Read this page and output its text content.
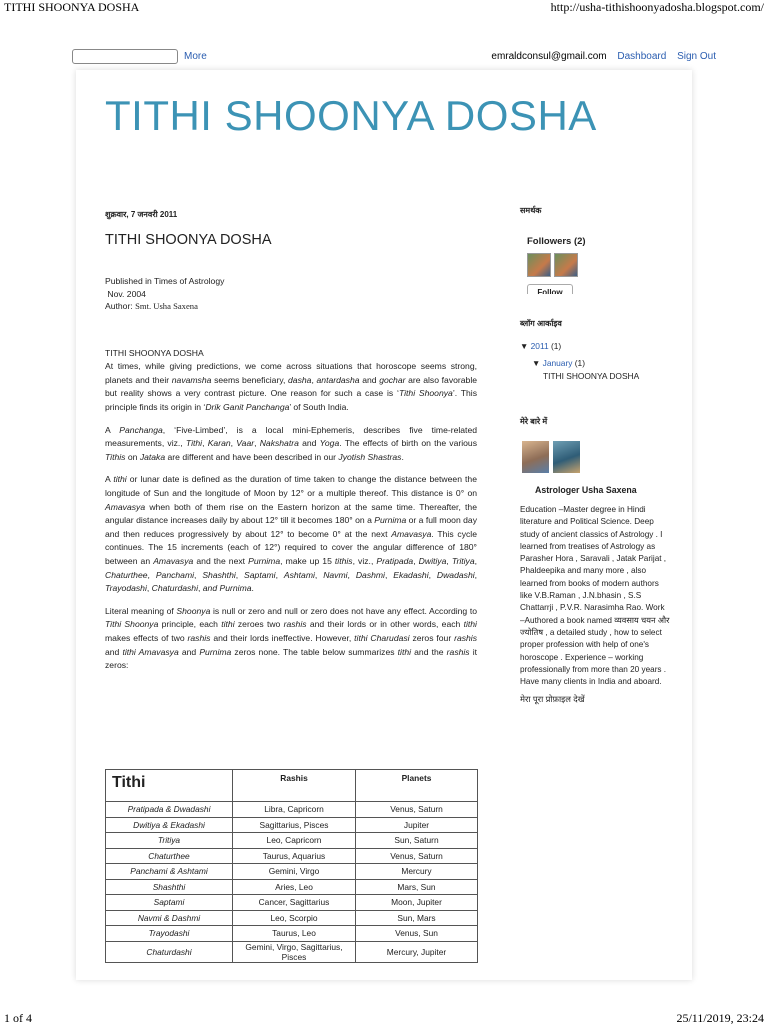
TITHI SHOONYA DOSHA	http://usha-tithishoonyadosha.blogspot.com/
More	emraldconsul@gmail.com Dashboard Sign Out
TITHI SHOONYA DOSHA
शुक्रवार, 7 जनवरी 2011
TITHI SHOONYA DOSHA
Published in Times of Astrology
Nov. 2004
Author: Smt. Usha Saxena
TITHI SHOONYA DOSHA

At times, while giving predictions, we come across situations that horoscope seems strong, planets and their navamsha seems beneficiary, dasha, antardasha and gochar are also favorable but reality shows a very contrast picture. One reason for such a case is ‘Tithi Shoonya’. This principle finds its origin in ‘Drik Ganit Panchanga’ of South India.

A Panchanga, ‘Five-Limbed’, is a local mini-Ephemeris, describes five time-related measurements, viz., Tithi, Karan, Vaar, Nakshatra and Yoga. The effects of birth on the various Tithis on Jataka are different and have been described in our Jyotish Shastras.

A tithi or lunar date is defined as the duration of time taken to change the distance between the longitude of Sun and the longitude of Moon by 12° or a multiple thereof. This distance is 0° on Amavasya when both of them rise on the Eastern horizon at the same time. Thereafter, the angular distance increases daily by about 12° till it becomes 180° on a Purnima or a full moon day and then reduces progressively by about 12° to become 0° at the next Amavasya. This cycle continues. The 15 increments (each of 12°) required to cover the angular difference of 180° between an Amavasya and the next Purnima, make up 15 tithis, viz., Pratipada, Dwitiya, Tritiya, Chaturthee, Panchami, Shashthi, Saptami, Ashtami, Navmi, Dashmi, Ekadashi, Dwadashi, Trayodashi, Chaturdashi, and Purnima.

Literal meaning of Shoonya is null or zero and null or zero does not have any effect. According to Tithi Shoonya principle, each tithi zeroes two rashis and their lords or in other words, each tithi makes effects of two rashis and their lords ineffective. However, tithi Charudasi zeros four rashis and tithi Amavasya and Purnima zeros none. The table below summarizes tithi and the rashis it zeros:

Tithi	Rashis	Planets
Pratipada & Dwadashi	Libra, Capricorn	Venus, Saturn
Dwitiya & Ekadashi	Sagittarius, Pisces	Jupiter
Tritiya	Leo, Capricorn	Sun, Saturn
Chaturthee	Taurus, Aquarius	Venus, Saturn
Panchami & Ashtami	Gemini, Virgo	Mercury
Shashthi	Aries, Leo	Mars, Sun
Saptami	Cancer, Sagittarius	Moon, Jupiter
Navmi & Dashmi	Leo, Scorpio	Sun, Mars
Trayodashi	Taurus, Leo	Venus, Sun
Chaturdashi	Gemini, Virgo, Sagittarius, Pisces	Mercury, Jupiter
समर्थक
Followers (2)
Follow
ब्लॉग आर्काइव
▼ 2011 (1)
▼ January (1)
TITHI SHOONYA DOSHA
मेरे बारे में
Astrologer Usha Saxena
Education –Master degree in Hindi literature and Political Science. Deep study of ancient classics of Astrology . I learned from treatises of Astrology as Parasher Hora , Saravali , Jatak Parijat , Phaldeepika and many more , also learned from books of modern authors like V.B.Raman , J.N.bhasin , S.S Chattarrji , P.V.R. Narasimha Rao. Work –Authored a book named व्यवसाय चयन और ज्योतिष , a detailed study , how to select proper profession with help of one's horoscope . Experience – working professionally from more than 20 years . Have many clients in India and aboard.
मेरा पूरा प्रोफ़ाइल देखें
1 of 4	25/11/2019, 23:24
